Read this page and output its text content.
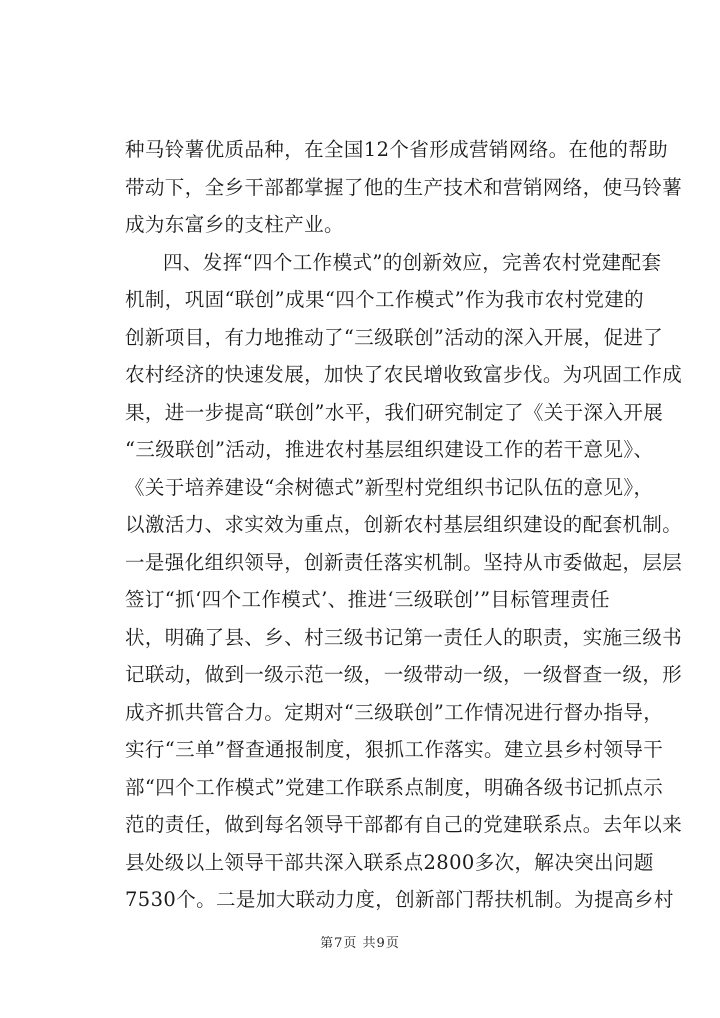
种马铃薯优质品种，在全国12个省形成营销网络。在他的帮助
带动下，全乡干部都掌握了他的生产技术和营销网络，使马铃薯
成为东富乡的支柱产业。
四、发挥“四个工作模式”的创新效应，完善农村党建配套
机制，巩固“联创”成果“四个工作模式”作为我市农村党建的
创新项目，有力地推动了“三级联创”活动的深入开展，促进了
农村经济的快速发展，加快了农民增收致富步伐。为巩固工作成
果，进一步提高“联创”水平，我们研究制定了《关于深入开展
“三级联创”活动，推进农村基层组织建设工作的若干意见》、
《关于培养建设“余树德式”新型村党组织书记队伍的意见》，
以激活力、求实效为重点，创新农村基层组织建设的配套机制。
一是强化组织领导，创新责任落实机制。坚持从市委做起，层层
签订“抓‘四个工作模式’、推进‘三级联创’”目标管理责任
状，明确了县、乡、村三级书记第一责任人的职责，实施三级书
记联动，做到一级示范一级，一级带动一级，一级督查一级，形
成齐抓共管合力。定期对“三级联创”工作情况进行督办指导，
实行“三单”督查通报制度，狠抓工作落实。建立县乡村领导干
部“四个工作模式”党建工作联系点制度，明确各级书记抓点示
范的责任，做到每名领导干部都有自己的党建联系点。去年以来
县处级以上领导干部共深入联系点2800多次，解决突出问题
7530个。二是加大联动力度，创新部门帮扶机制。为提高乡村
第7页 共9页
